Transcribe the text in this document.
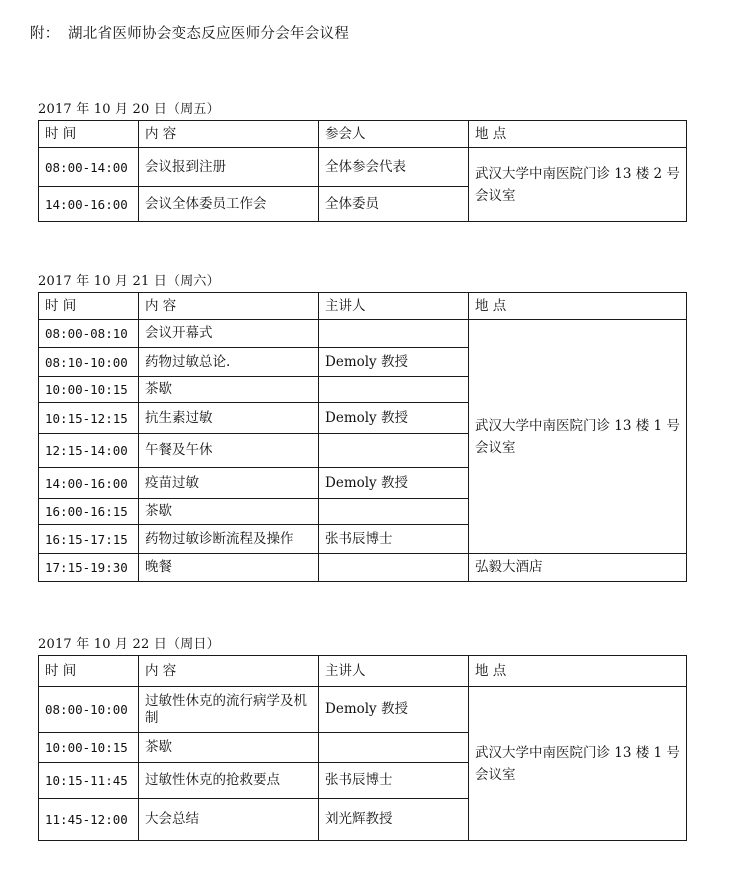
附： 湖北省医师协会变态反应医师分会年会议程
2017 年 10 月 20 日（周五）
时 间	内 容	参会人	地 点
08:00-14:00	会议报到注册	全体参会代表	武汉大学中南医院门诊 13 楼 2 号会议室
14:00-16:00	会议全体委员工作会	全体委员	
2017 年 10 月 21 日（周六）
时 间	内 容	主讲人	地 点
08:00-08:10	会议开幕式		武汉大学中南医院门诊 13 楼 1 号会议室
08:10-10:00	药物过敏总论.	Demoly 教授	
10:00-10:15	茶歇		
10:15-12:15	抗生素过敏	Demoly 教授	
12:15-14:00	午餐及午休		
14:00-16:00	疫苗过敏	Demoly 教授	
16:00-16:15	茶歇		
16:15-17:15	药物过敏诊断流程及操作	张书辰博士	
17:15-19:30	晚餐		弘毅大酒店
2017 年 10 月 22 日（周日）
时 间	内 容	主讲人	地 点
08:00-10:00	过敏性休克的流行病学及机制	Demoly 教授	武汉大学中南医院门诊 13 楼 1 号会议室
10:00-10:15	茶歇		
10:15-11:45	过敏性休克的抢救要点	张书辰博士	
11:45-12:00	大会总结	刘光辉教授	
